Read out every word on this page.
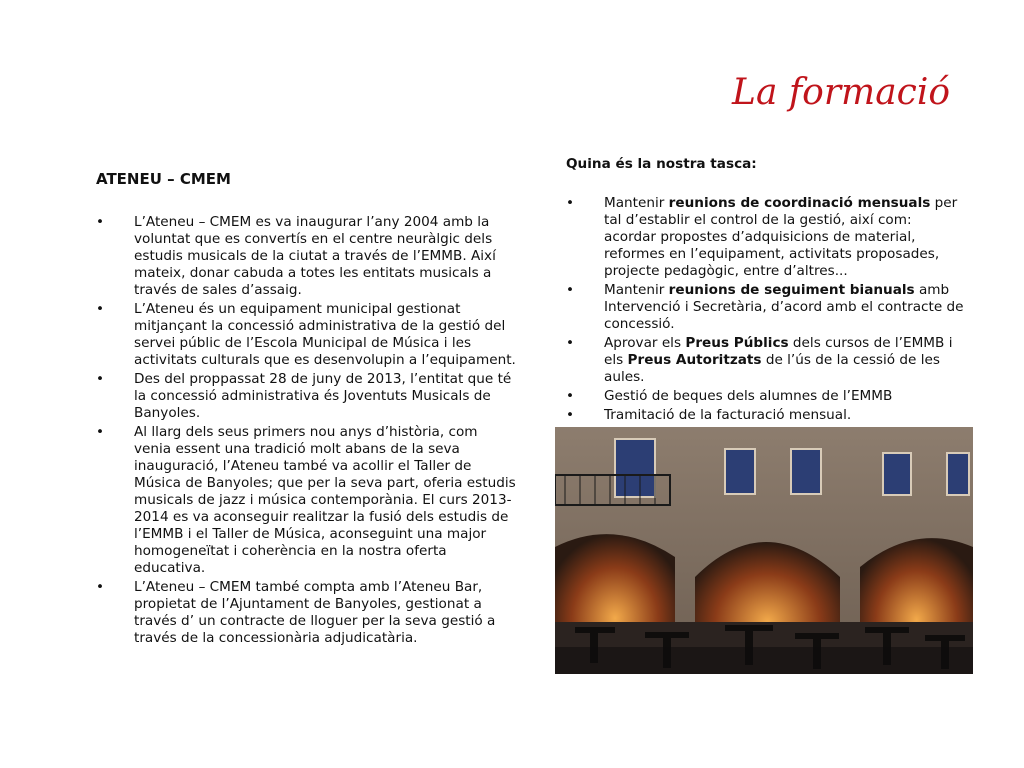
La formació
ATENEU – CMEM
• L’Ateneu – CMEM es va inaugurar l’any 2004 amb la voluntat que es convertís en el centre neuràlgic dels estudis musicals de la ciutat a través de l’EMMB. Així mateix, donar cabuda a totes les entitats musicals a través de sales d’assaig.
• L’Ateneu és un equipament municipal gestionat mitjançant la concessió administrativa de la gestió del servei públic de l’Escola Municipal de Música i les activitats culturals que es desenvolupin a l’equipament.
• Des del proppassat 28 de juny de 2013, l’entitat que té la concessió administrativa és Joventuts Musicals de Banyoles.
• Al llarg dels seus primers nou anys d’història, com venia essent una tradició molt abans de la seva inauguració, l’Ateneu també va acollir el Taller de Música de Banyoles; que per la seva part, oferia estudis musicals de jazz i música contemporània. El curs 2013-2014 es va aconseguir realitzar la fusió dels estudis de l’EMMB i el Taller de Música, aconseguint una major homogeneïtat i coherència en la nostra oferta educativa.
• L’Ateneu – CMEM també compta amb l’Ateneu Bar, propietat de l’Ajuntament de Banyoles, gestionat a través d’ un contracte de lloguer per la seva gestió a través de la concessionària adjudicatària.
Quina és la nostra tasca:
• Mantenir reunions de coordinació mensuals per tal d’establir el control de la gestió, així com: acordar propostes d’adquisicions de material, reformes en l’equipament, activitats proposades, projecte pedagògic, entre d’altres...
• Mantenir reunions de seguiment bianuals amb Intervenció i Secretària, d’acord amb el contracte de concessió.
• Aprovar els Preus Públics dels cursos de l’EMMB i els Preus Autoritzats de l’ús de la cessió de les aules.
• Gestió de beques dels alumnes de l’EMMB
• Tramitació de la facturació mensual.
